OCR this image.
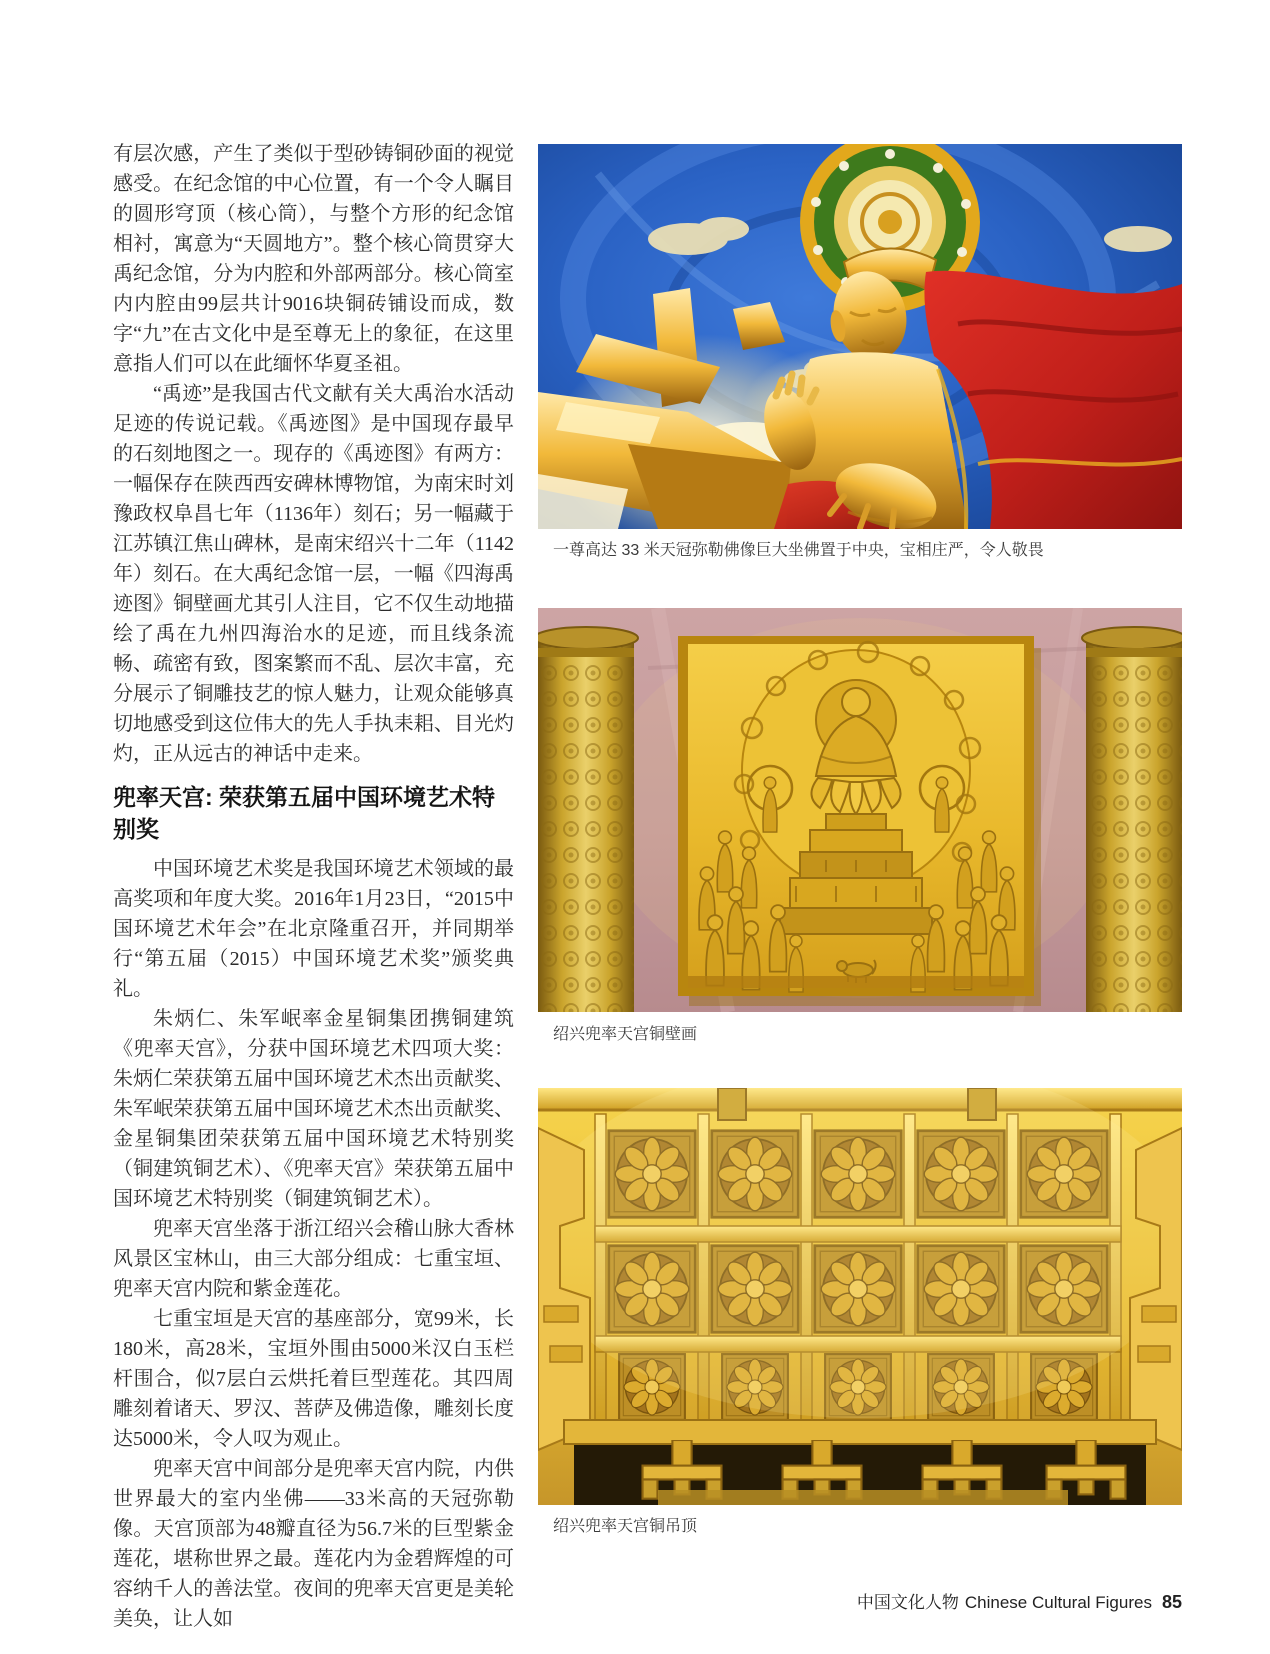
有层次感，产生了类似于型砂铸铜砂面的视觉感受。在纪念馆的中心位置，有一个令人瞩目的圆形穹顶（核心筒），与整个方形的纪念馆相衬，寓意为“天圆地方”。整个核心筒贯穿大禹纪念馆，分为内腔和外部两部分。核心筒室内内腔由99层共计9016块铜砖铺设而成，数字“九”在古文化中是至尊无上的象征，在这里意指人们可以在此缅怀华夏圣祖。

“禹迹”是我国古代文献有关大禹治水活动足迹的传说记载。《禹迹图》是中国现存最早的石刻地图之一。现存的《禹迹图》有两方：一幅保存在陕西西安碑林博物馆，为南宋时刘豫政权阜昌七年（1136年）刻石；另一幅藏于江苏镇江焦山碑林，是南宋绍兴十二年（1142年）刻石。在大禹纪念馆一层，一幅《四海禹迹图》铜壁画尤其引人注目，它不仅生动地描绘了禹在九州四海治水的足迹，而且线条流畅、疏密有致，图案繁而不乱、层次丰富，充分展示了铜雕技艺的惊人魅力，让观众能够真切地感受到这位伟大的先人手执耒耜、目光灼灼，正从远古的神话中走来。

兜率天宫: 荣获第五届中国环境艺术特别奖

中国环境艺术奖是我国环境艺术领域的最高奖项和年度大奖。2016年1月23日，“2015中国环境艺术年会”在北京隆重召开，并同期举行“第五届（2015）中国环境艺术奖”颁奖典礼。

朱炳仁、朱军岷率金星铜集团携铜建筑《兜率天宫》，分获中国环境艺术四项大奖：朱炳仁荣获第五届中国环境艺术杰出贡献奖、朱军岷荣获第五届中国环境艺术杰出贡献奖、金星铜集团荣获第五届中国环境艺术特别奖（铜建筑铜艺术）、《兜率天宫》荣获第五届中国环境艺术特别奖（铜建筑铜艺术）。

兜率天宫坐落于浙江绍兴会稽山脉大香林风景区宝林山，由三大部分组成：七重宝垣、兜率天宫内院和紫金莲花。

七重宝垣是天宫的基座部分，宽99米，长180米，高28米，宝垣外围由5000米汉白玉栏杆围合，似7层白云烘托着巨型莲花。其四周雕刻着诸天、罗汉、菩萨及佛造像，雕刻长度达5000米，令人叹为观止。

兜率天宫中间部分是兜率天宫内院，内供世界最大的室内坐佛——33米高的天冠弥勒像。天宫顶部为48瓣直径为56.7米的巨型紫金莲花，堪称世界之最。莲花内为金碧辉煌的可容纳千人的善法堂。夜间的兜率天宫更是美轮美奂，让人如

一尊高达 33 米天冠弥勒佛像巨大坐佛置于中央，宝相庄严，令人敬畏
绍兴兜率天宫铜壁画
绍兴兜率天宫铜吊顶
中国文化人物 Chinese Cultural Figures 85
